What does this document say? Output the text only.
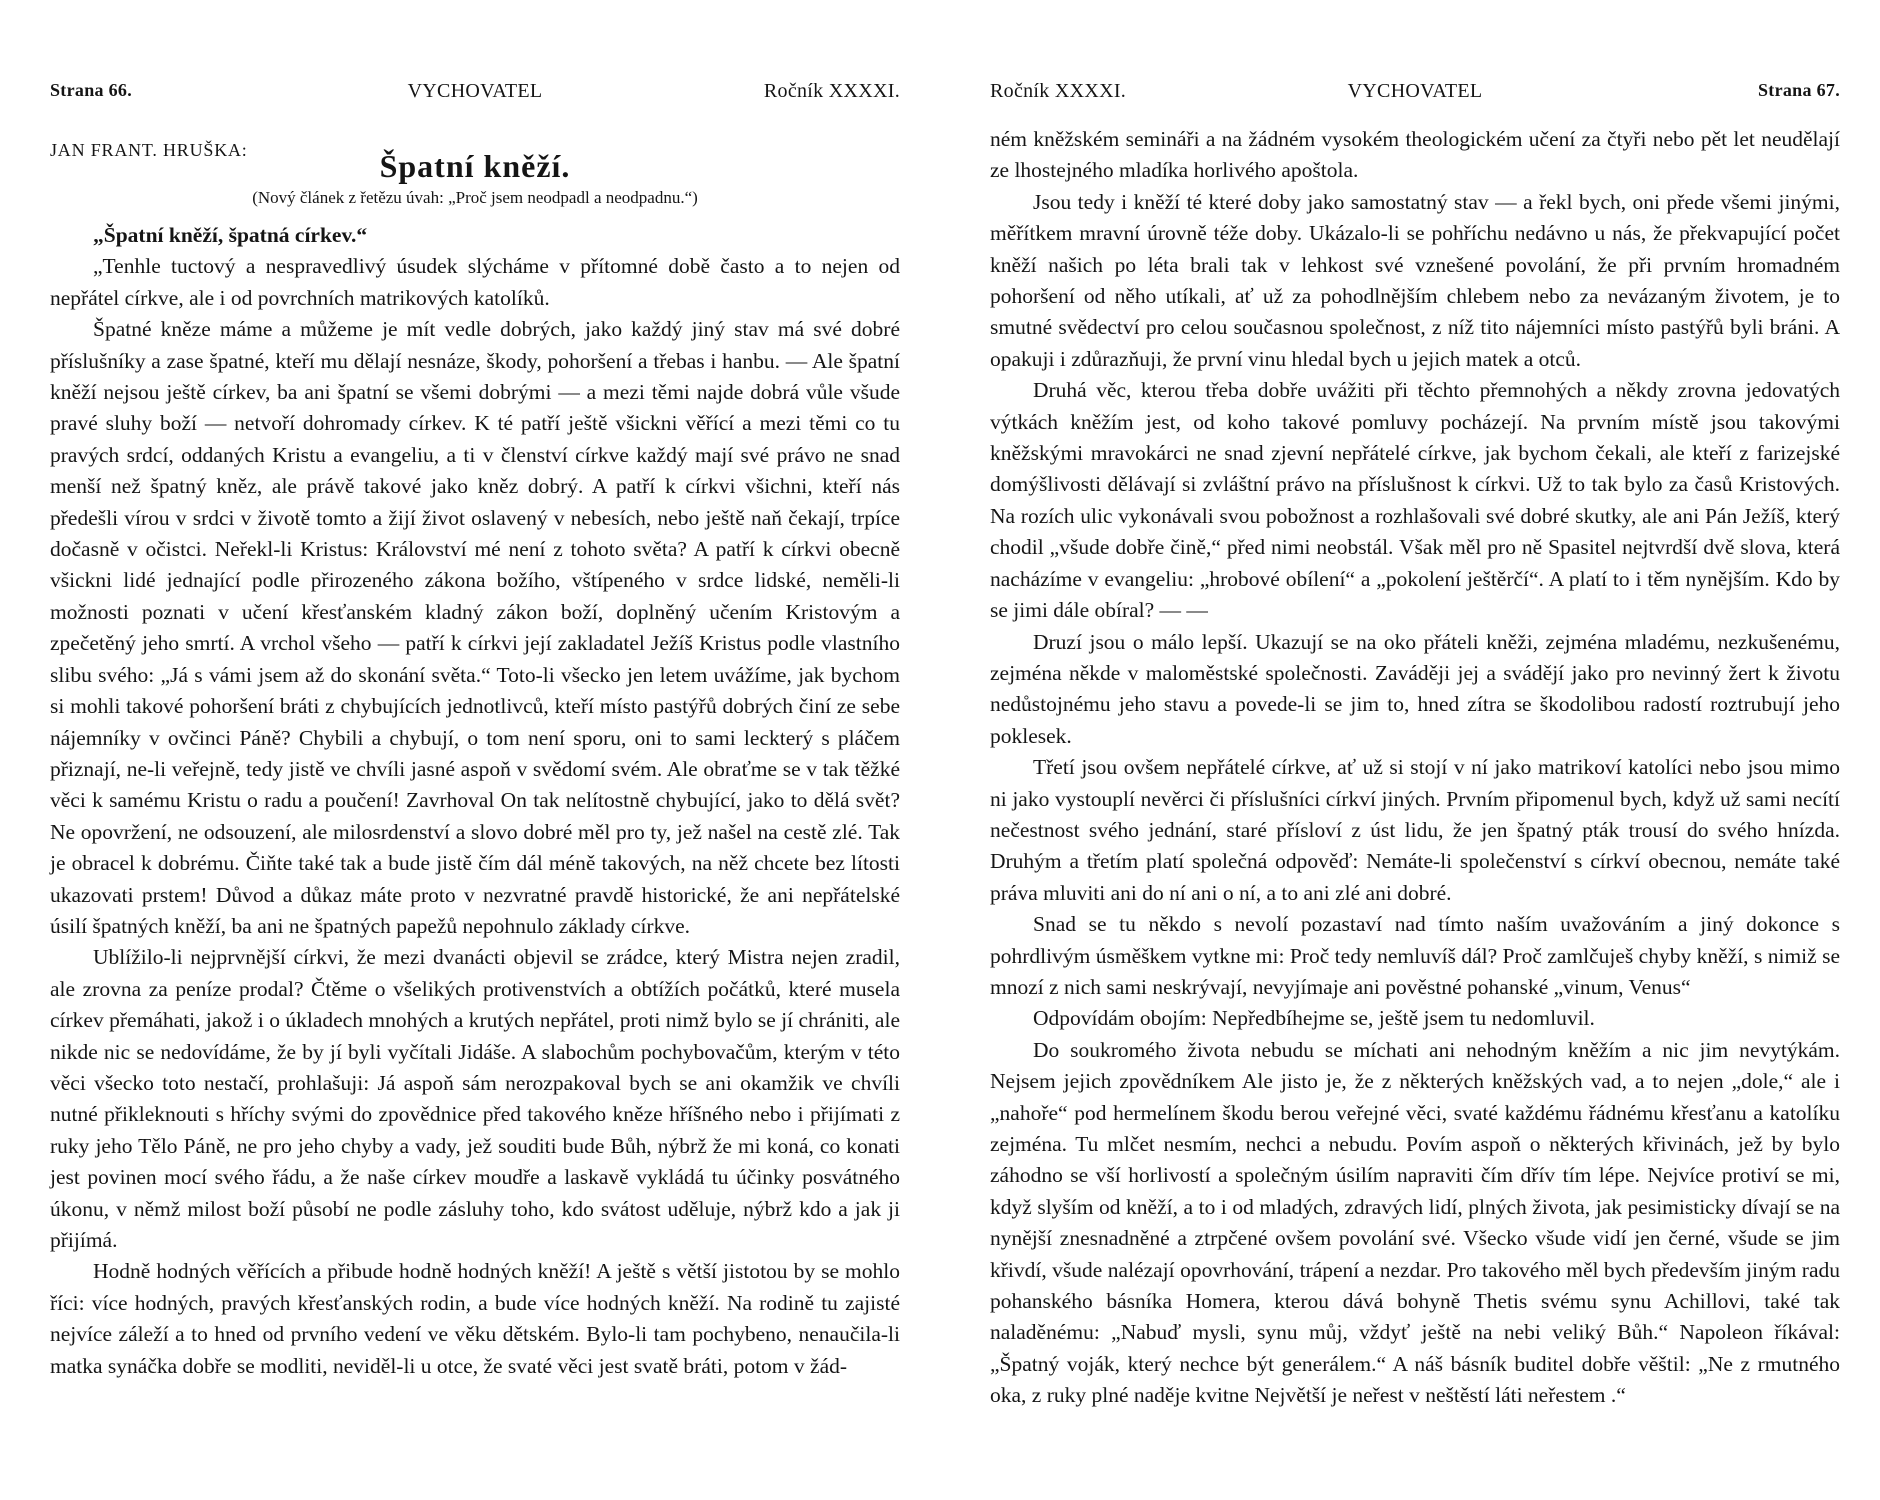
Strana 66.	VYCHOVATEL	Ročník XXXXI.
JAN FRANT. HRUŠKA:	Špatní kněží.
(Nový článek z řetězu úvah: „Proč jsem neodpadl a neodpadnu.“)

„Špatní kněží, špatná církev.“

„Tenhle tuctový a nespravedlivý úsudek slýcháme v přítomné době často a to nejen od nepřátel církve, ale i od povrchních matrikových katolíků.

Špatné kněze máme a můžeme je mít vedle dobrých, jako každý jiný stav má své dobré příslušníky a zase špatné, kteří mu dělají nesnáze, škody, pohoršení a třebas i hanbu. — Ale špatní kněží nejsou ještě církev, ba ani špatní se všemi dobrými — a mezi těmi najde dobrá vůle všude pravé sluhy boží — netvoří dohromady církev. K té patří ještě všickni věřící a mezi těmi co tu pravých srdcí, oddaných Kristu a evangeliu, a ti v členství církve každý mají své právo ne snad menší než špatný kněz, ale právě takové jako kněz dobrý. A patří k církvi všichni, kteří nás předešli vírou v srdci v životě tomto a žijí život oslavený v nebesích, nebo ještě naň čekají, trpíce dočasně v očistci. Neřekl-li Kristus: Království mé není z tohoto světa? A patří k církvi obecně všickni lidé jednající podle přirozeného zákona božího, vštípeného v srdce lidské, neměli-li možnosti poznati v učení křesťanském kladný zákon boží, doplněný učením Kristovým a zpečetěný jeho smrtí. A vrchol všeho — patří k církvi její zakladatel Ježíš Kristus podle vlastního slibu svého: „Já s vámi jsem až do skonání světa.“ Toto-li všecko jen letem uvážíme, jak bychom si mohli takové pohoršení bráti z chybujících jednotlivců, kteří místo pastýřů dobrých činí ze sebe nájemníky v ovčinci Páně? Chybili a chybují, o tom není sporu, oni to sami leckterý s pláčem přiznají, ne-li veřejně, tedy jistě ve chvíli jasné aspoň v svědomí svém. Ale obraťme se v tak těžké věci k samému Kristu o radu a poučení! Zavrhoval On tak nelítostně chybující, jako to dělá svět? Ne opovržení, ne odsouzení, ale milosrdenství a slovo dobré měl pro ty, jež našel na cestě zlé. Tak je obracel k dobrému. Čiňte také tak a bude jistě čím dál méně takových, na něž chcete bez lítosti ukazovati prstem! Důvod a důkaz máte proto v nezvratné pravdě historické, že ani nepřátelské úsilí špatných kněží, ba ani ne špatných papežů nepohnulo základy církve.

Ublížilo-li nejprvnější církvi, že mezi dvanácti objevil se zrádce, který Mistra nejen zradil, ale zrovna za peníze prodal? Čtěme o všelikých protivenstvích a obtížích počátků, které musela církev přemáhati, jakož i o úkladech mnohých a krutých nepřátel, proti nimž bylo se jí chrániti, ale nikde nic se nedovídáme, že by jí byli vyčítali Jidáše. A slabochům pochybovačům, kterým v této věci všecko toto nestačí, prohlašuji: Já aspoň sám nerozpakoval bych se ani okamžik ve chvíli nutné přikleknouti s hříchy svými do zpovědnice před takového kněze hříšného nebo i přijímati z ruky jeho Tělo Páně, ne pro jeho chyby a vady, jež souditi bude Bůh, nýbrž že mi koná, co konati jest povinen mocí svého řádu, a že naše církev moudře a laskavě vykládá tu účinky posvátného úkonu, v němž milost boží působí ne podle zásluhy toho, kdo svátost uděluje, nýbrž kdo a jak ji přijímá.

Hodně hodných věřících a přibude hodně hodných kněží! A ještě s větší jistotou by se mohlo říci: více hodných, pravých křesťanských rodin, a bude více hodných kněží. Na rodině tu zajisté nejvíce záleží a to hned od prvního vedení ve věku dětském. Bylo-li tam pochybeno, nenaučila-li matka synáčka dobře se modliti, neviděl-li u otce, že svaté věci jest svatě bráti, potom v žád-

Ročník XXXXI.	VYCHOVATEL	Strana 67.

ném kněžském semináři a na žádném vysokém theologickém učení za čtyři nebo pět let neudělají ze lhostejného mladíka horlivého apoštola.

Jsou tedy i kněží té které doby jako samostatný stav — a řekl bych, oni přede všemi jinými, měřítkem mravní úrovně téže doby. Ukázalo-li se pohříchu nedávno u nás, že překvapující počet kněží našich po léta brali tak v lehkost své vznešené povolání, že při prvním hromadném pohoršení od něho utíkali, ať už za pohodlnějším chlebem nebo za nevázaným životem, je to smutné svědectví pro celou současnou společnost, z níž tito nájemníci místo pastýřů byli bráni. A opakuji i zdůrazňuji, že první vinu hledal bych u jejich matek a otců.

Druhá věc, kterou třeba dobře uvážiti při těchto přemnohých a někdy zrovna jedovatých výtkách kněžím jest, od koho takové pomluvy pocházejí. Na prvním místě jsou takovými kněžskými mravokárci ne snad zjevní nepřátelé církve, jak bychom čekali, ale kteří z farizejské domýšlivosti dělávají si zvláštní právo na příslušnost k církvi. Už to tak bylo za časů Kristových. Na rozích ulic vykonávali svou pobožnost a rozhlašovali své dobré skutky, ale ani Pán Ježíš, který chodil „všude dobře čině,“ před nimi neobstál. Však měl pro ně Spasitel nejtvrdší dvě slova, která nacházíme v evangeliu: „hrobové obílení“ a „pokolení ještěrčí“. A platí to i těm nynějším. Kdo by se jimi dále obíral? — —

Druzí jsou o málo lepší. Ukazují se na oko přáteli kněži, zejména mladému, nezkušenému, zejména někde v maloměstské společnosti. Zaváději jej a svádějí jako pro nevinný žert k životu nedůstojnému jeho stavu a povede-li se jim to, hned zítra se škodolibou radostí roztrubují jeho poklesek.

Třetí jsou ovšem nepřátelé církve, ať už si stojí v ní jako matrikoví katolíci nebo jsou mimo ni jako vystouplí nevěrci či příslušníci církví jiných. Prvním připomenul bych, když už sami necítí nečestnost svého jednání, staré přísloví z úst lidu, že jen špatný pták trousí do svého hnízda. Druhým a třetím platí společná odpověď: Nemáte-li společenství s církví obecnou, nemáte také práva mluviti ani do ní ani o ní, a to ani zlé ani dobré.

Snad se tu někdo s nevolí pozastaví nad tímto naším uvažováním a jiný dokonce s pohrdlivým úsměškem vytkne mi: Proč tedy nemluvíš dál? Proč zamlčuješ chyby kněží, s nimiž se mnozí z nich sami neskrývají, nevyjímaje ani pověstné pohanské „vinum, Venus“

Odpovídám obojím: Nepředbíhejme se, ještě jsem tu nedomluvil.

Do soukromého života nebudu se míchati ani nehodným kněžím a nic jim nevytýkám. Nejsem jejich zpovědníkem Ale jisto je, že z některých kněžských vad, a to nejen „dole,“ ale i „nahoře“ pod hermelínem škodu berou veřejné věci, svaté každému řádnému křesťanu a katolíku zejména. Tu mlčet nesmím, nechci a nebudu. Povím aspoň o některých křivinách, jež by bylo záhodno se vší horlivostí a společným úsilím napraviti čím dřív tím lépe. Nejvíce protiví se mi, když slyším od kněží, a to i od mladých, zdravých lidí, plných života, jak pesimisticky dívají se na nynější znesnadněné a ztrpčené ovšem povolání své. Všecko všude vidí jen černé, všude se jim křivdí, všude nalézají opovrhování, trápení a nezdar. Pro takového měl bych především jiným radu pohanského básníka Homera, kterou dává bohyně Thetis svému synu Achillovi, také tak naladěnému: „Nabuď mysli, synu můj, vždyť ještě na nebi veliký Bůh.“ Napoleon říkával: „Špatný voják, který nechce být generálem.“ A náš básník buditel dobře věštil: „Ne z rmutného oka, z ruky plné naděje kvitne Největší je neřest v neštěstí láti neřestem .“
